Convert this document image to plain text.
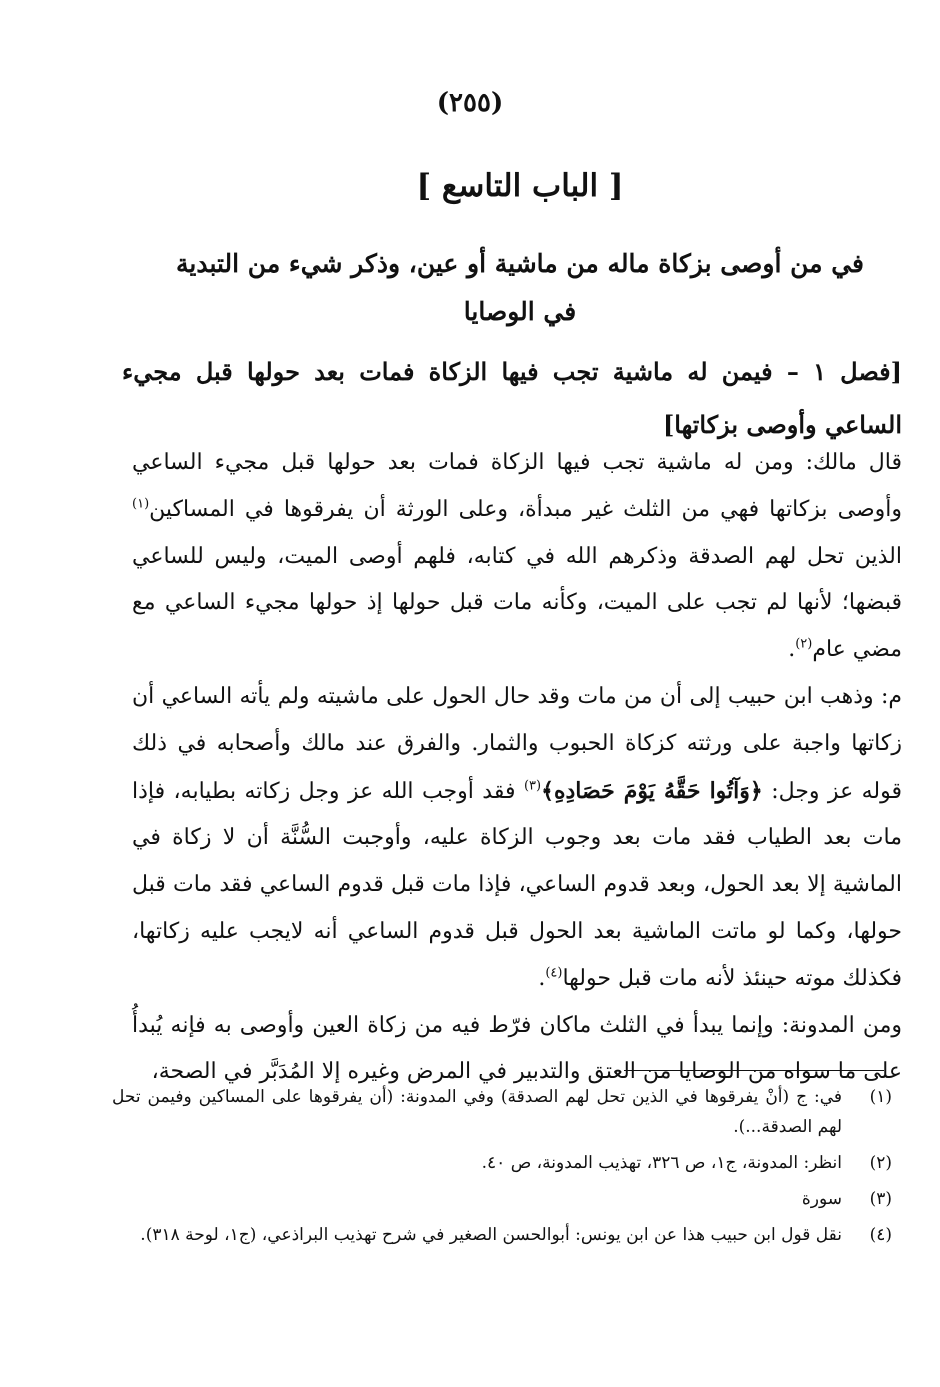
(٢٥٥)
[ الباب التاسع ]
في من أوصى بزكاة ماله من ماشية أو عين، وذكر شيء من التبدية في الوصايا
[فصل ١ – فيمن له ماشية تجب فيها الزكاة فمات بعد حولها قبل مجيء الساعي وأوصى بزكاتها]

قال مالك: ومن له ماشية تجب فيها الزكاة فمات بعد حولها قبل مجيء الساعي وأوصى بزكاتها فهي من الثلث غير مبدأة، وعلى الورثة أن يفرقوها في المساكين$^{(١)}$ الذين تحل لهم الصدقة وذكرهم الله في كتابه، فلهم أوصى الميت، وليس للساعي قبضها؛ لأنها لم تجب على الميت، وكأنه مات قبل حولها إذ حولها مجيء الساعي مع مضي عام$^{(٢)}$.

م: وذهب ابن حبيب إلى أن من مات وقد حال الحول على ماشيته ولم يأته الساعي أن زكاتها واجبة على ورثته كزكاة الحبوب والثمار. والفرق عند مالك وأصحابه في ذلك قوله عز وجل: ﴿وَآتُوا حَقَّهُ يَوْمَ حَصَادِهِ﴾$^{(٣)}$ فقد أوجب الله عز وجل زكاته بطيابه، فإذا مات بعد الطياب فقد مات بعد وجوب الزكاة عليه، وأوجبت السُّنَّة أن لا زكاة في الماشية إلا بعد الحول، وبعد قدوم الساعي، فإذا مات قبل قدوم الساعي فقد مات قبل حولها، وكما لو ماتت الماشية بعد الحول قبل قدوم الساعي أنه لايجب عليه زكاتها، فكذلك موته حينئذ لأنه مات قبل حولها$^{(٤)}$.

ومن المدونة: وإنما يبدأ في الثلث ماكان فرّط فيه من زكاة العين وأوصى به فإنه يُبدأُ على ما سواه من الوصايا من العتق والتدبير في المرض وغيره إلا المُدَبَّر في الصحة،

(١)
في: ج (أنْ يفرقوها في الذين تحل لهم الصدقة) وفي المدونة: (أن يفرقوها على المساكين وفيمن تحل لهم الصدقة...).
(٢)
انظر: المدونة، ج١، ص ٣٢٦، تهذيب المدونة، ص ٤٠.
(٣)
سورة
(٤)
نقل قول ابن حبيب هذا عن ابن يونس: أبوالحسن الصغير في شرح تهذيب البراذعي، (ج١، لوحة ٣١٨).
